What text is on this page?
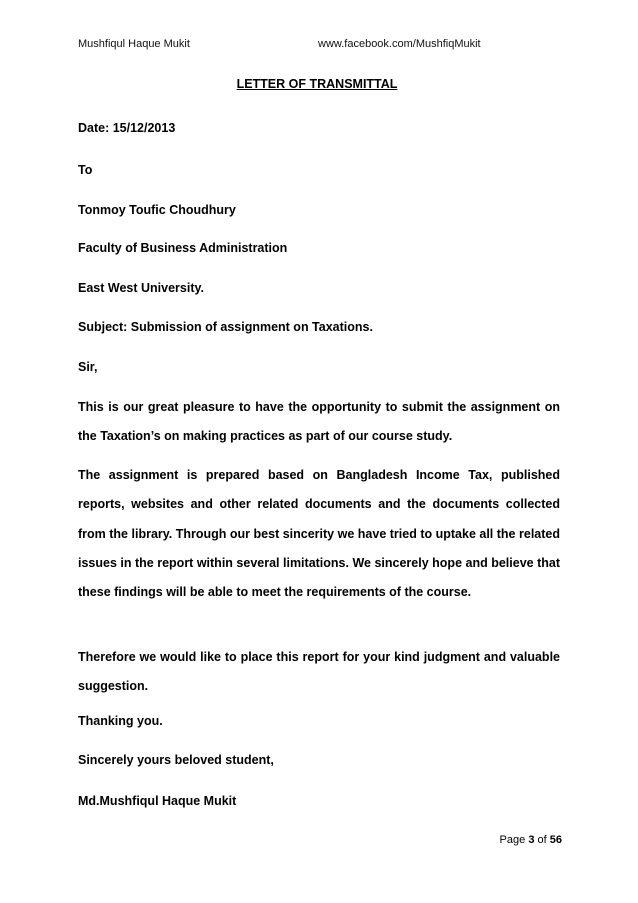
Mushfiqul Haque Mukit	www.facebook.com/MushfiqMukit
LETTER OF TRANSMITTAL
Date: 15/12/2013
To
Tonmoy Toufic Choudhury
Faculty of Business Administration
East West University.
Subject: Submission of assignment on Taxations.
Sir,
This is our great pleasure to have the opportunity to submit the assignment on the Taxation’s on making practices as part of our course study.
The assignment is prepared based on Bangladesh Income Tax, published reports, websites and other related documents and the documents collected from the library. Through our best sincerity we have tried to uptake all the related issues in the report within several limitations. We sincerely hope and believe that these findings will be able to meet the requirements of the course.
Therefore we would like to place this report for your kind judgment and valuable suggestion.
Thanking you.
Sincerely yours beloved student,
Md.Mushfiqul Haque Mukit
Page 3 of 56
